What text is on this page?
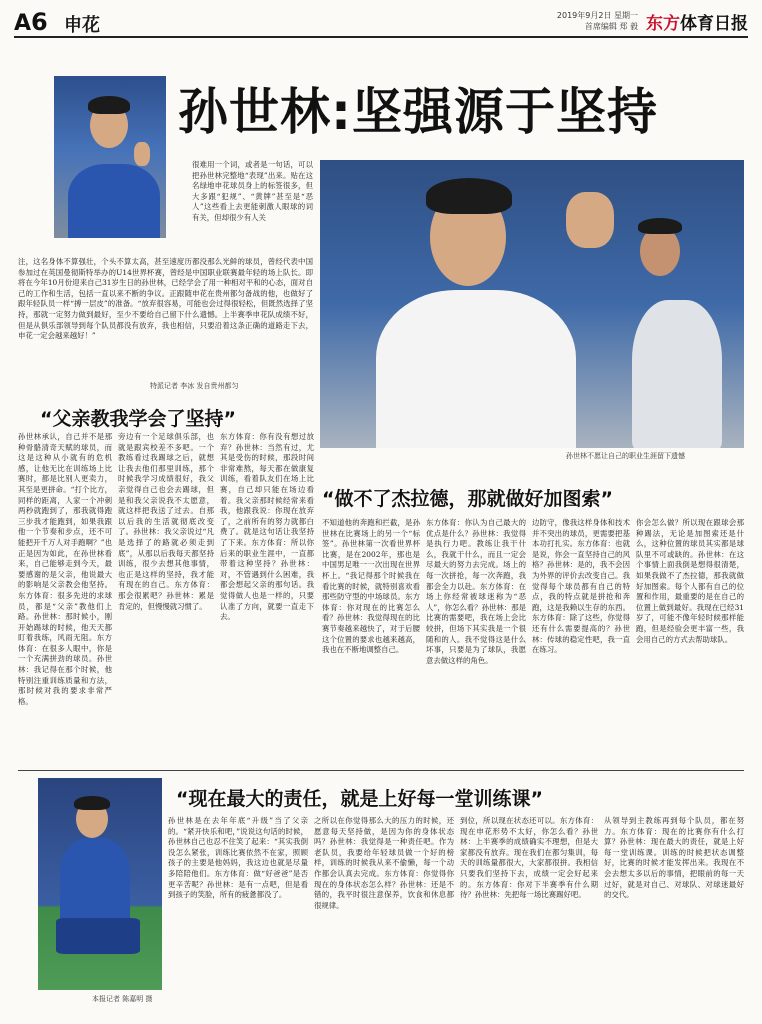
A6 申花	2019年9月2日 星期一
首席编辑 郑 毅 东方体育日报
孙世林:坚强源于坚持
很难用一个词，或者是一句话，可以把孙世林完整地“表现”出来。贴在这名绿地申花球员身上的标签很多，但大多跟“犯规”、“黄牌”甚至是“恶人”这些看上去更能刺激人眼球的词有关，但却很少有人关
注，这名身体不算强壮，个头不算太高，甚至速度历都没那么光鲜的球员，曾经代表中国参加过在英国曼彻斯特举办的U14世界杯赛，曾经是中国职业联赛最年轻的场上队长。即将在今年10月份迎来自己31岁生日的孙世林，已经学会了用一种相对平和的心态，面对自己的工作和生活，包括一直以来不断的争议。正跟随申花在贵州都匀备战的他，也做好了跟年轻队员一样“搏一层皮”的准备。“放弃很容易，可能也会过得很轻松，但既然选择了坚持，那就一定努力做到最好，至少不要给自己留下什么遗憾。上半赛季申花队成绩不好，但是从俱乐部领导到每个队员都没有放弃，我也相信，只要沿着这条正确的道路走下去，申花一定会越来越好！”
特派记者 李冰 发自贵州都匀
孙世林不愿让自己的职业生涯留下遗憾
“父亲教我学会了坚持”
孙世林承认，自己并不是那种骨骼清奇天赋的球员，而这是这种从小就有的危机感，让他无比在训练场上比赛时，都是比别人更卖力，其至是更拼命。“打个比方，同样的距离，人家一个冲刺两秒就跑到了，那我就得跑三步我才能跑到，如果我跟他一个节奏和步点，还不可能把开千万人对手跑啊？”也正是因为如此，在孙世林看来，自己能够走到今天，最要感谢的是父亲，他说最大的影响是父亲教会他坚持。东方体育：很多先进的求球员，都是“父亲”教他们上路。孙世林：那时候小，刚开始踢球的时候，他天天都盯着我练，风雨无阻。东方体育：在很多人眼中，你是一个充满拼劲的球员。孙世林：我记得在那个时候，他特别注重训练质量和方法，那时候对我的要求非常严格。
旁边有一个足球俱乐部，也就是跟宾校差不多吧。一个教练看过我踢球之后，就想让我去他们那里训练，那个时候我学习成绩很好，我父亲觉得自己也会去踢球，但是和我父亲说我不太愿意，就这样把我送了过去。自那以后我的生活就彻底改变了。孙世林：我父亲说过“凡是选择了的路就必须走到底”，从那以后我每天都坚持训练，很少去想其他事情，也正是这样的坚持，我才能有现在的自己。东方体育：那会很累吧？孙世林：累是肯定的，但慢慢就习惯了。
东方体育：你有没有想过放弃？孙世林：当然有过，尤其是受伤的时候，那段时间非常难熬，每天都在做康复训练，看着队友们在场上比赛，自己却只能在场边看着。我父亲那时候经常来看我，他跟我说：你现在放弃了，之前所有的努力就都白费了。就是这句话让我坚持了下来。东方体育：所以你后来的职业生涯中，一直都带着这种坚持？孙世林：对，不管遇到什么困难，我都会想起父亲的那句话。我觉得做人也是一样的，只要认准了方向，就要一直走下去。
“做不了杰拉德，那就做好加图索”
不知道他的奔跑和拦截，是孙世林在比赛场上的另一个“标签”。孙世林第一次看世界杯比赛，是在2002年，那也是中国男足唯一一次出现在世界杯上。“我记得那个时候我在看比赛的时候，就特别喜欢看那些防守型的中场球员。东方体育：你对现在的比赛怎么看？孙世林：我觉得现在的比赛节奏越来越快了，对于后腰这个位置的要求也越来越高，我也在不断地调整自己。
东方体育：你认为自己最大的优点是什么？孙世林：我觉得是执行力吧。教练让我干什么，我就干什么，而且一定会尽最大的努力去完成。场上的每一次拼抢，每一次奔跑，我都会全力以赴。东方体育：在场上你经常被球迷称为“恶人”，你怎么看？孙世林：那是比赛的需要吧，我在场上会比较拼，但场下其实我是一个很随和的人。我不觉得这是什么坏事，只要是为了球队，我愿意去做这样的角色。
边防守，像我这样身体和技术并不突出的球员，更需要把基本功打扎实。东方体育：也就是说，你会一直坚持自己的风格？孙世林：是的，我不会因为外界的评价去改变自己。我觉得每个球员都有自己的特点，我的特点就是拼抢和奔跑，这是我赖以生存的东西。东方体育：除了这些，你觉得还有什么需要提高的？孙世林：传球的稳定性吧，我一直在练习。
你会怎么做？所以现在跟球会那种踢法，无论是加图索还是什么，这种位置的球员其实都是球队里不可或缺的。孙世林：在这个事情上面我倒是想得很清楚，如果我做不了杰拉德，那我就做好加图索。每个人都有自己的位置和作用，最重要的是在自己的位置上做到最好。我现在已经31岁了，可能不像年轻时候那样能跑，但是经验会更丰富一些，我会用自己的方式去帮助球队。
本报记者 陈嘉明 摄
“现在最大的责任，就是上好每一堂训练课”
孙世林是在去年年底“升级”当了父亲的。“紧开快乐和吧，”说说这句话的时候，孙世林自己也忍不住笑了起来：“其实我倒没怎么紧张，训练比赛依然不在家，照顾孩子的主要是他妈妈，我这边也就是尽量多陪陪他们。东方体育：做“好爸爸”是否更辛苦呢？孙世林：是有一点吧，但是看到孩子的笑脸，所有的疲惫都没了。
之所以在你觉得那么大的压力的时候，还愿意每天坚持做，是因为你的身体状态吗？孙世林：我觉得是一种责任吧。作为老队员，我要给年轻球员做一个好的榜样，训练的时候我从来不偷懒，每一个动作都会认真去完成。东方体育：你觉得你现在的身体状态怎么样？孙世林：还是不错的，我平时很注意保养，饮食和休息都很规律。
到位，所以现在状态还可以。东方体育：现在申花形势不太好，你怎么看？孙世林：上半赛季的成绩确实不理想，但是大家都没有放弃。现在我们在都匀集训，每天的训练量都很大，大家都很拼。我相信只要我们坚持下去，成绩一定会好起来的。东方体育：你对下半赛季有什么期待？孙世林：先把每一场比赛踢好吧。
从领导到主教练再到每个队员，都在努力。东方体育：现在的比赛你有什么打算？孙世林：现在最大的责任，就是上好每一堂训练课。训练的时候把状态调整好，比赛的时候才能发挥出来。我现在不会去想太多以后的事情，把眼前的每一天过好，就是对自己、对球队、对球迷最好的交代。
